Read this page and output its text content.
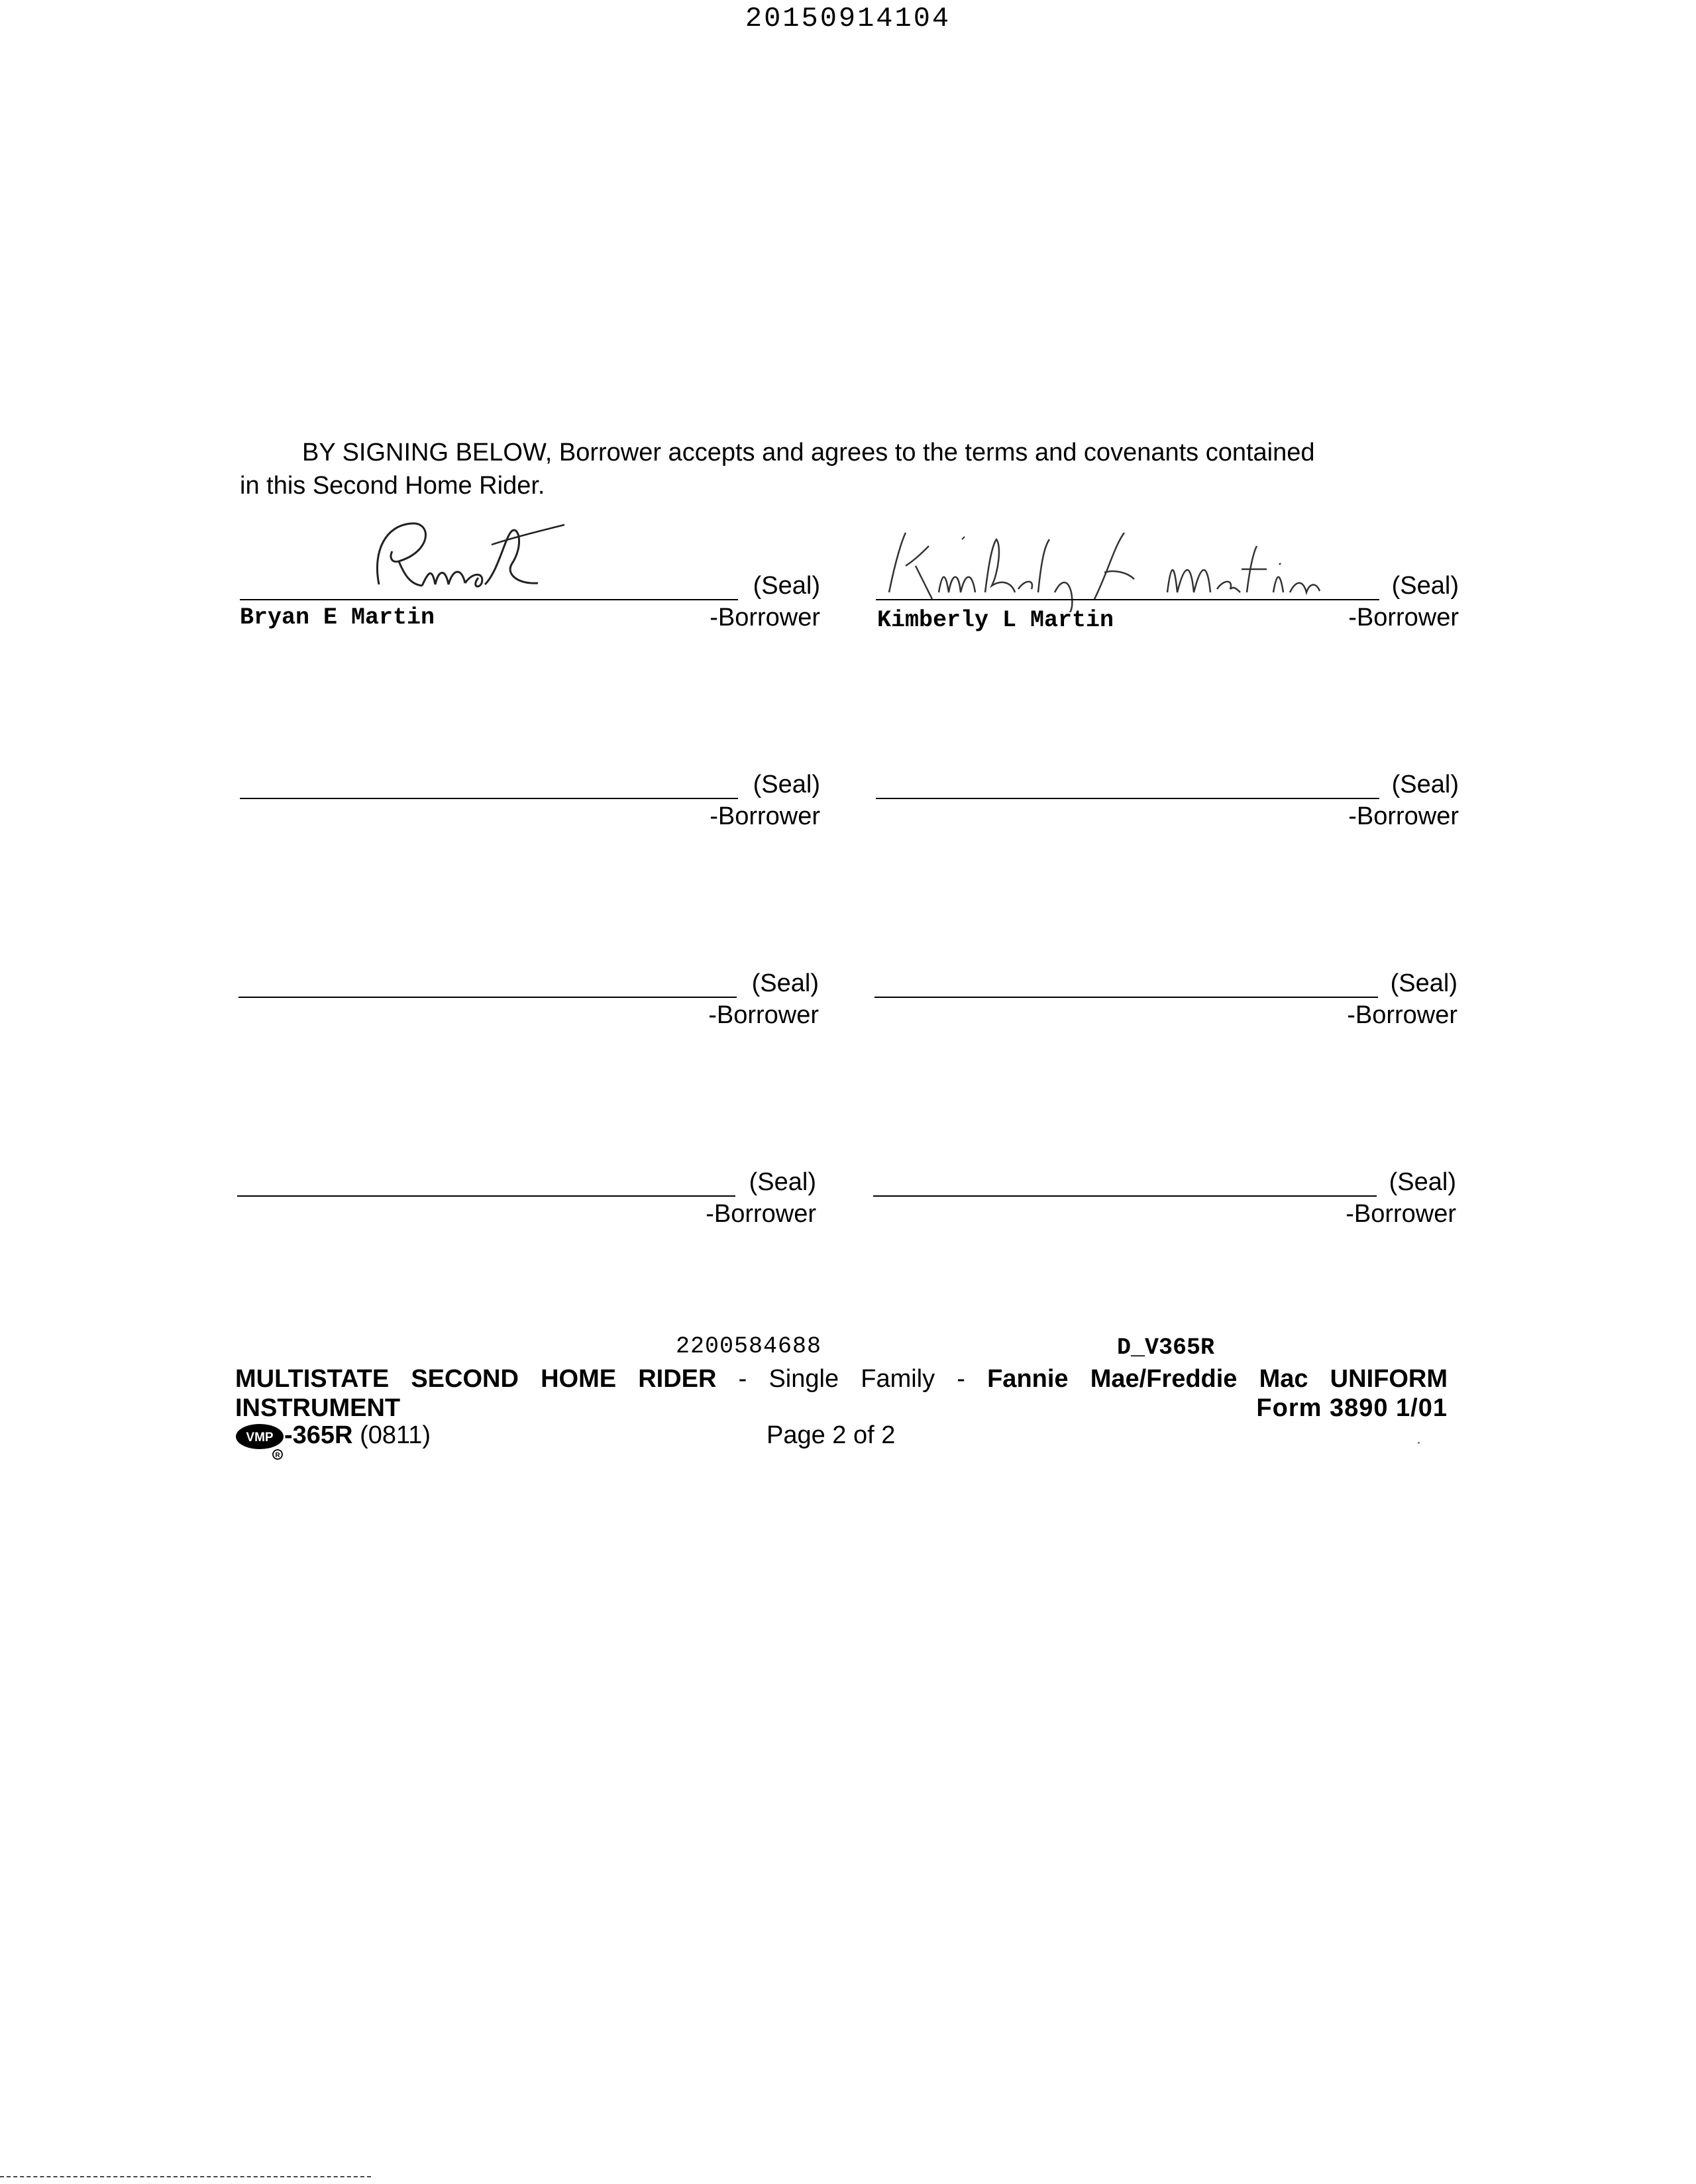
20150914104
BY SIGNING BELOW, Borrower accepts and agrees to the terms and covenants contained
in this Second Home Rider.
(Seal)
-Borrower
Bryan E Martin
(Seal)
-Borrower
Kimberly L Martin
(Seal)
-Borrower
(Seal)
-Borrower
(Seal)
-Borrower
(Seal)
-Borrower
(Seal)
-Borrower
(Seal)
-Borrower
2200584688	D_V365R
MULTISTATE SECOND HOME RIDER - Single Family - Fannie Mae/Freddie Mac UNIFORM
INSTRUMENT	Form 3890 1/01
VMP
R
-365R (0811)	Page 2 of 2
